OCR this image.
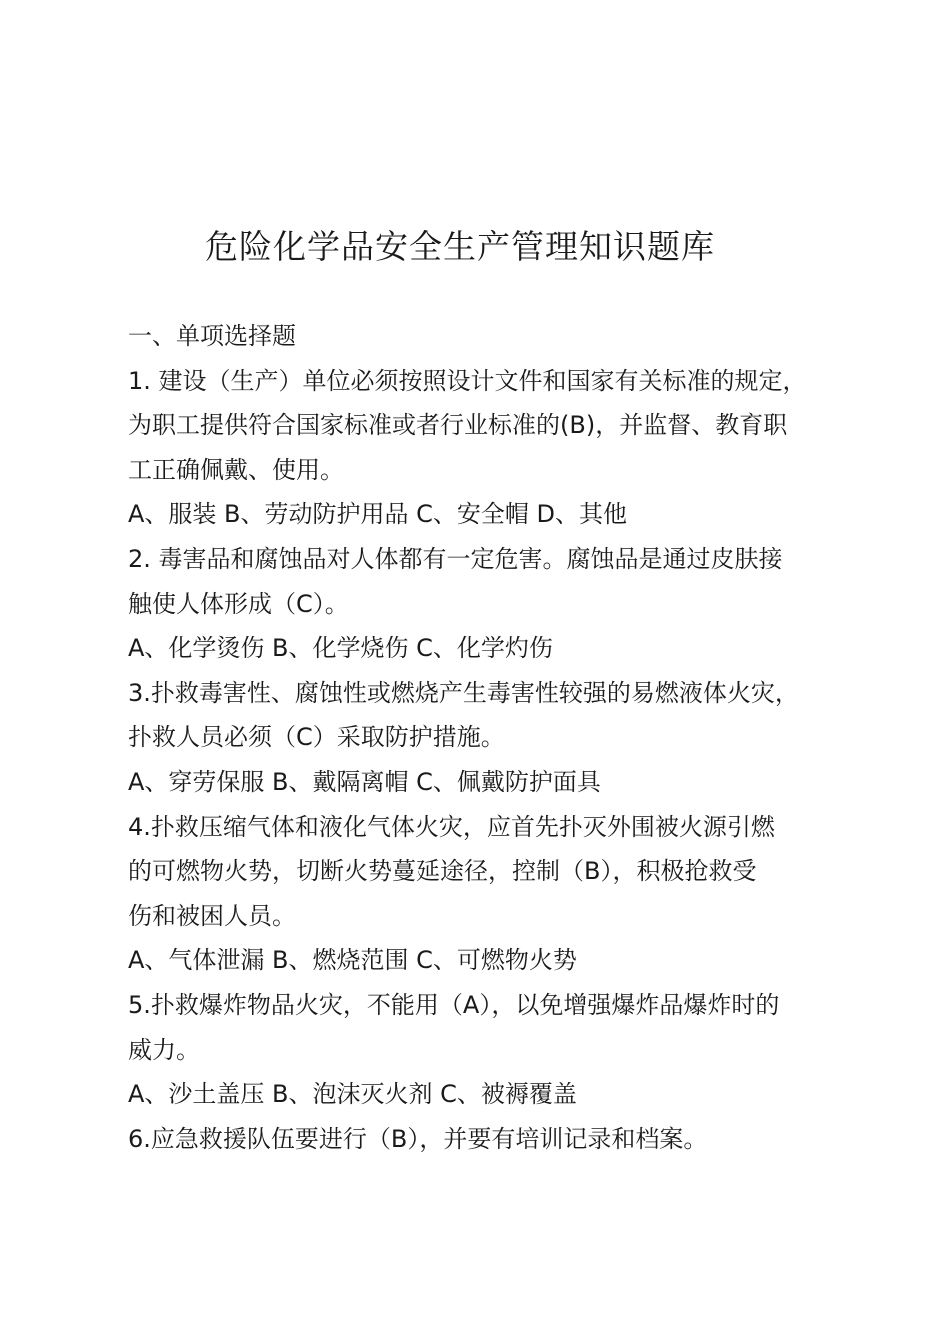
危险化学品安全生产管理知识题库
一、单项选择题
1. 建设（生产）单位必须按照设计文件和国家有关标准的规定，
为职工提供符合国家标准或者行业标准的(B)，并监督、教育职
工正确佩戴、使用。
A、服装 B、劳动防护用品 C、安全帽 D、其他
2. 毒害品和腐蚀品对人体都有一定危害。腐蚀品是通过皮肤接
触使人体形成（C）。
A、化学烫伤 B、化学烧伤 C、化学灼伤
3.扑救毒害性、腐蚀性或燃烧产生毒害性较强的易燃液体火灾，
扑救人员必须（C）采取防护措施。
A、穿劳保服 B、戴隔离帽 C、佩戴防护面具
4.扑救压缩气体和液化气体火灾，应首先扑灭外围被火源引燃
的可燃物火势，切断火势蔓延途径，控制（B），积极抢救受
伤和被困人员。
A、气体泄漏 B、燃烧范围 C、可燃物火势
5.扑救爆炸物品火灾，不能用（A），以免增强爆炸品爆炸时的
威力。
A、沙土盖压 B、泡沫灭火剂 C、被褥覆盖
6.应急救援队伍要进行（B），并要有培训记录和档案。
